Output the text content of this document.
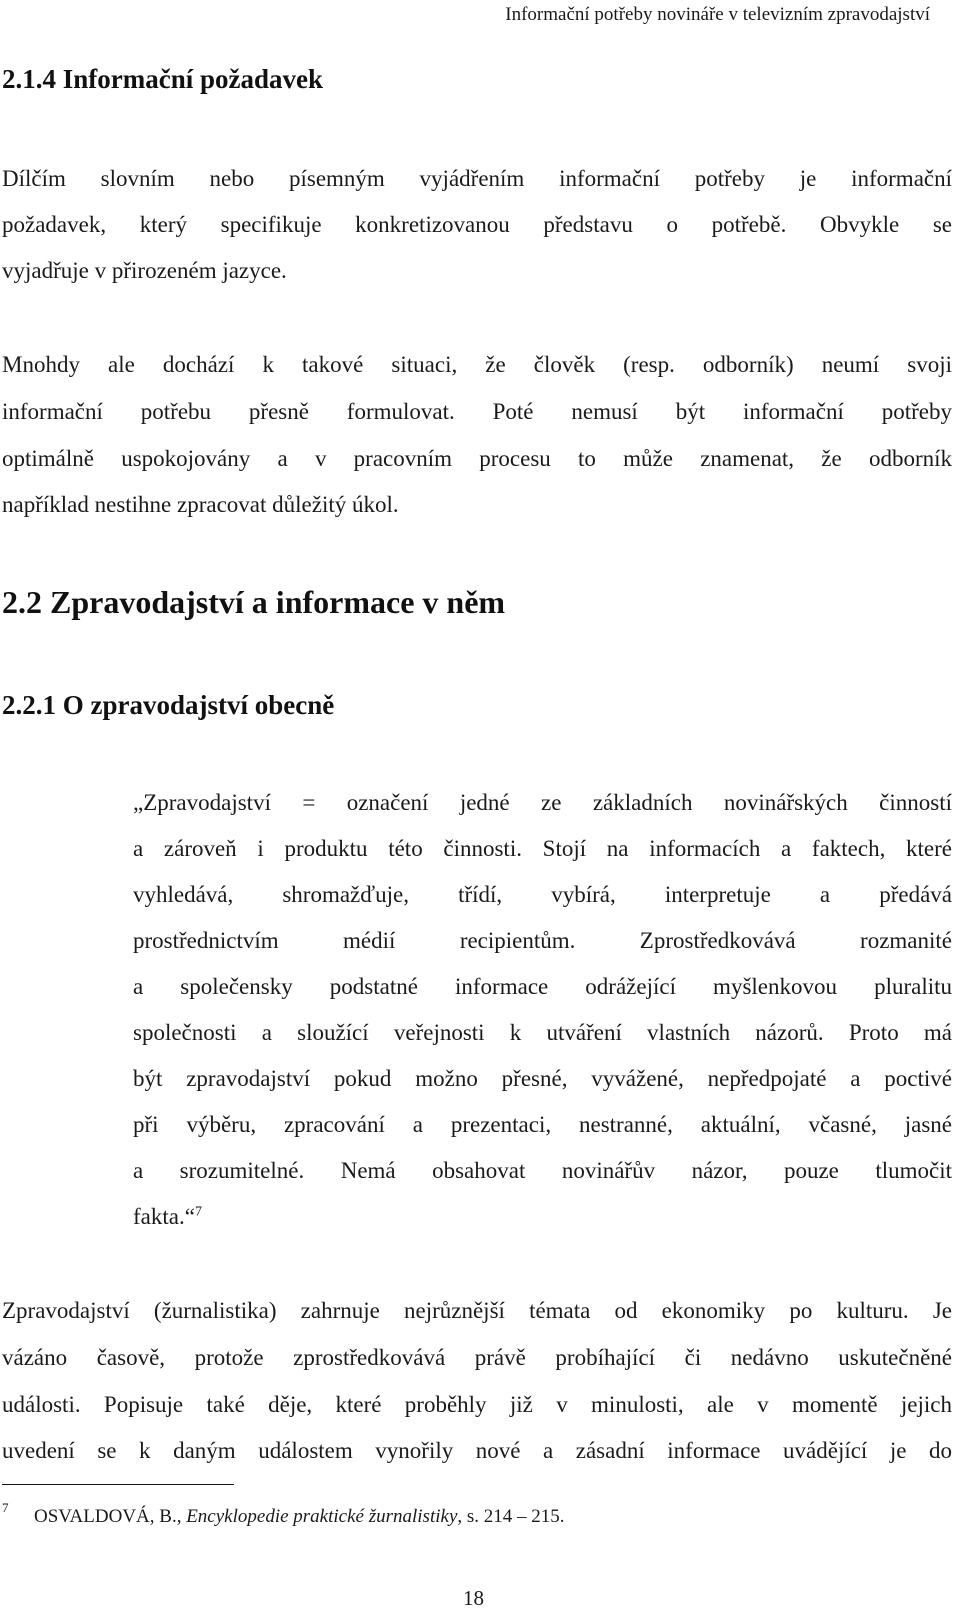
Informační potřeby novináře v televizním zpravodajství
2.1.4 Informační požadavek
Dílčím slovním nebo písemným vyjádřením informační potřeby je informační
požadavek, který specifikuje konkretizovanou představu o potřebě. Obvykle se
vyjadřuje v přirozeném jazyce.
Mnohdy ale dochází k takové situaci, že člověk (resp. odborník) neumí svoji
informační potřebu přesně formulovat. Poté nemusí být informační potřeby
optimálně uspokojovány a v pracovním procesu to může znamenat, že odborník
například nestihne zpracovat důležitý úkol.
2.2 Zpravodajství a informace v něm
2.2.1 O zpravodajství obecně
„Zpravodajství = označení jedné ze základních novinářských činností
a zároveň i produktu této činnosti. Stojí na informacích a faktech, které
vyhledává, shromažďuje, třídí, vybírá, interpretuje a předává
prostřednictvím médií recipientům. Zprostředkovává rozmanité
a společensky podstatné informace odrážející myšlenkovou pluralitu
společnosti a sloužící veřejnosti k utváření vlastních názorů. Proto má
být zpravodajství pokud možno přesné, vyvážené, nepředpojaté a poctivé
při výběru, zpracování a prezentaci, nestranné, aktuální, včasné, jasné
a srozumitelné. Nemá obsahovat novinářův názor, pouze tlumočit
fakta.“$^7$
Zpravodajství (žurnalistika) zahrnuje nejrůznější témata od ekonomiky po kulturu. Je
vázáno časově, protože zprostředkovává právě probíhající či nedávno uskutečněné
události. Popisuje také děje, které proběhly již v minulosti, ale v momentě jejich
uvedení se k daným událostem vynořily nové a zásadní informace uvádějící je do
7 OSVALDOVÁ, B., Encyklopedie praktické žurnalistiky, s. 214 – 215.
18
